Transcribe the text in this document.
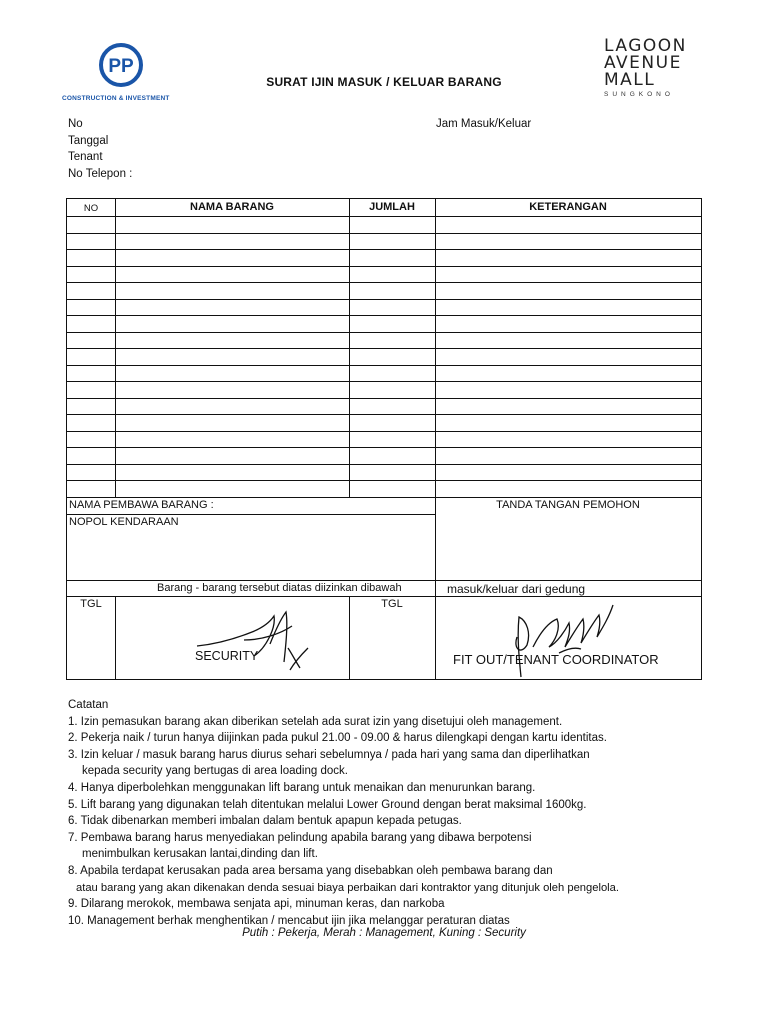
PP
CONSTRUCTION & INVESTMENT
SURAT IJIN MASUK / KELUAR BARANG
LAGOON
AVENUE
MALL
SUNGKONO
No
Tanggal
Tenant
No Telepon :
Jam Masuk/Keluar
NO	NAMA BARANG	JUMLAH	KETERANGAN
NAMA PEMBAWA BARANG :
NOPOL KENDARAAN
TANDA TANGAN PEMOHON
Barang - barang tersebut diatas diizinkan dibawah	masuk/keluar dari gedung
TGL	TGL
SECURITY	FIT OUT/TENANT COORDINATOR
Catatan
1. Izin pemasukan barang akan diberikan setelah ada surat izin yang disetujui oleh management.
2. Pekerja naik / turun hanya diijinkan pada pukul 21.00 - 09.00 & harus dilengkapi dengan kartu identitas.
3. Izin keluar / masuk barang harus diurus sehari sebelumnya / pada hari yang sama dan diperlihatkan
kepada security yang bertugas di area loading dock.
4. Hanya diperbolehkan menggunakan lift barang untuk menaikan dan menurunkan barang.
5. Lift barang yang digunakan telah ditentukan melalui Lower Ground dengan berat maksimal 1600kg.
6. Tidak dibenarkan memberi imbalan dalam bentuk apapun kepada petugas.
7. Pembawa barang harus menyediakan pelindung apabila barang yang dibawa berpotensi
menimbulkan kerusakan lantai,dinding dan lift.
8. Apabila terdapat kerusakan pada area bersama yang disebabkan oleh pembawa barang dan
atau barang yang akan dikenakan denda sesuai biaya perbaikan dari kontraktor yang ditunjuk oleh pengelola.
9. Dilarang merokok, membawa senjata api, minuman keras, dan narkoba
10. Management berhak menghentikan / mencabut ijin jika melanggar peraturan diatas
Putih : Pekerja, Merah : Management, Kuning : Security
